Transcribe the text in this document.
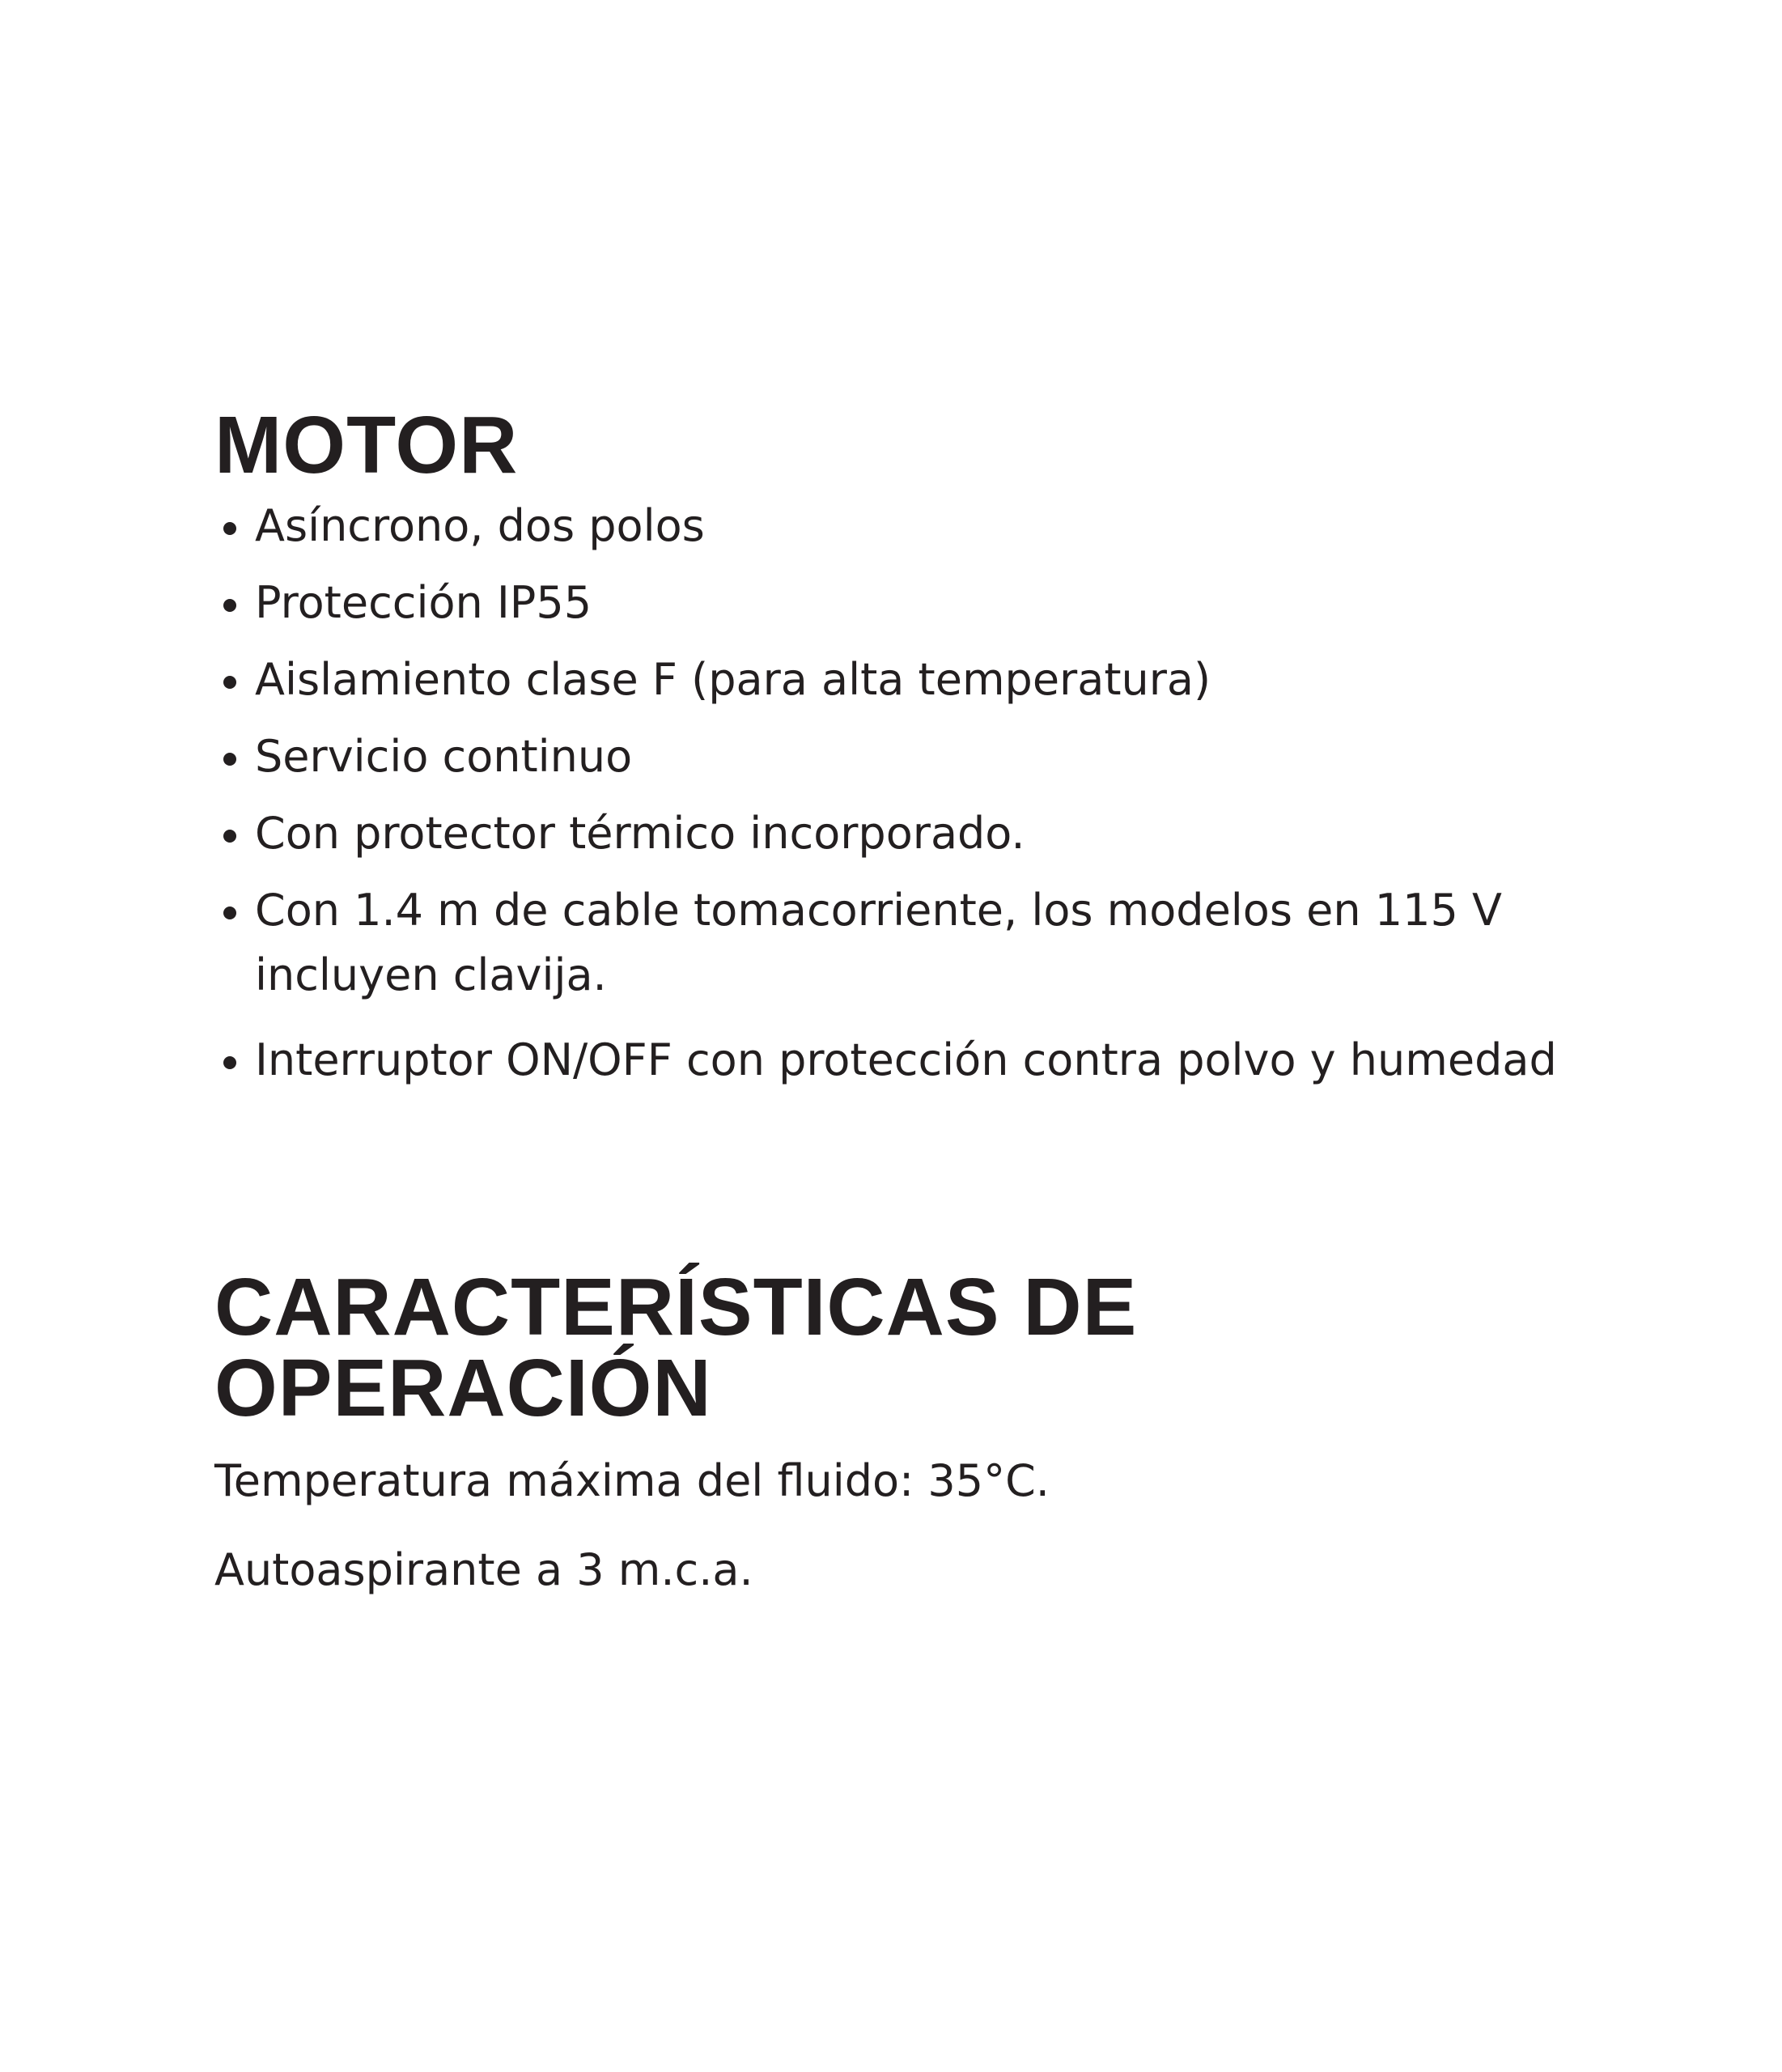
MOTOR
Asíncrono, dos polos
Protección IP55
Aislamiento clase F (para alta temperatura)
Servicio continuo
Con protector térmico incorporado.
Con 1.4 m de cable tomacorriente, los modelos en 115 V incluyen clavija.
Interruptor ON/OFF con protección contra polvo y humedad
CARACTERÍSTICAS DE
OPERACIÓN

Temperatura máxima del fluido: 35°C.

Autoaspirante a 3 m.c.a.
